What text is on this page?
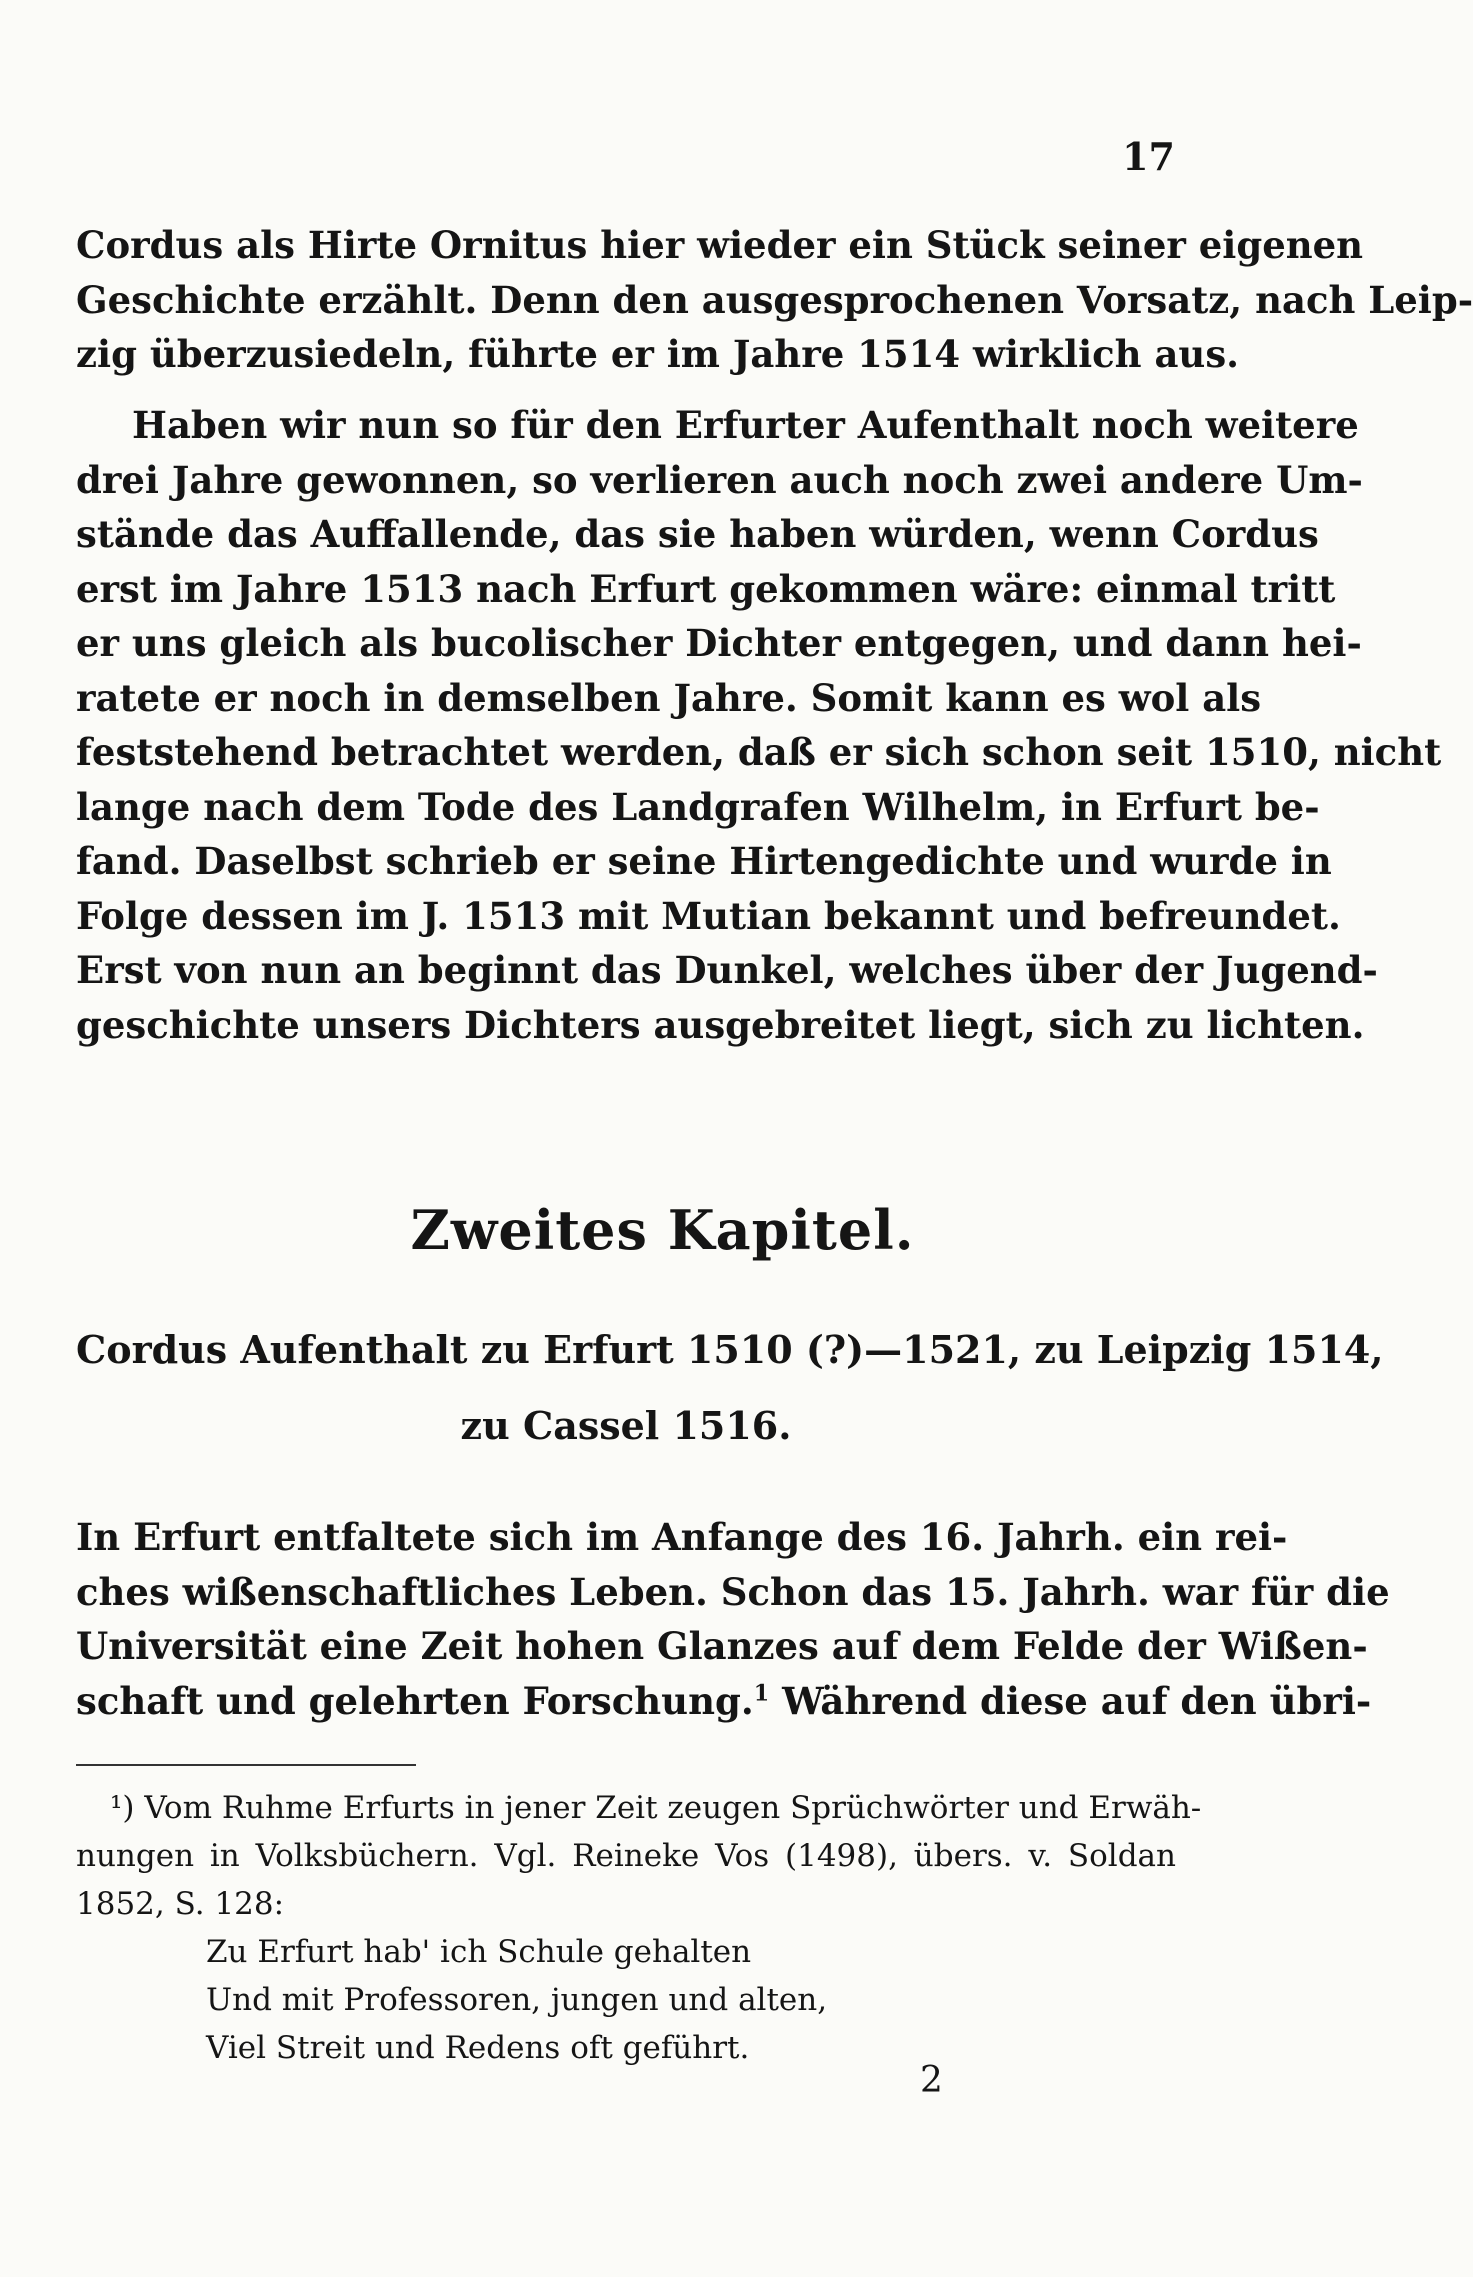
17
Cordus als Hirte Ornitus hier wieder ein Stück seiner eigenen
Geschichte erzählt. Denn den ausgesprochenen Vorsatz, nach Leip-
zig überzusiedeln, führte er im Jahre 1514 wirklich aus.
Haben wir nun so für den Erfurter Aufenthalt noch weitere
drei Jahre gewonnen, so verlieren auch noch zwei andere Um-
stände das Auffallende, das sie haben würden, wenn Cordus
erst im Jahre 1513 nach Erfurt gekommen wäre: einmal tritt
er uns gleich als bucolischer Dichter entgegen, und dann hei-
ratete er noch in demselben Jahre. Somit kann es wol als
feststehend betrachtet werden, daß er sich schon seit 1510, nicht
lange nach dem Tode des Landgrafen Wilhelm, in Erfurt be-
fand. Daselbst schrieb er seine Hirtengedichte und wurde in
Folge dessen im J. 1513 mit Mutian bekannt und befreundet.
Erst von nun an beginnt das Dunkel, welches über der Jugend-
geschichte unsers Dichters ausgebreitet liegt, sich zu lichten.
Zweites Kapitel.
Cordus Aufenthalt zu Erfurt 1510 (?)—1521, zu Leipzig 1514,
zu Cassel 1516.
In Erfurt entfaltete sich im Anfange des 16. Jahrh. ein rei-
ches wißenschaftliches Leben. Schon das 15. Jahrh. war für die
Universität eine Zeit hohen Glanzes auf dem Felde der Wißen-
schaft und gelehrten Forschung.$^1$ Während diese auf den übri-
¹) Vom Ruhme Erfurts in jener Zeit zeugen Sprüchwörter und Erwäh-
nungen in Volksbüchern. Vgl. Reineke Vos (1498), übers. v. Soldan
1852, S. 128:
Zu Erfurt hab' ich Schule gehalten
Und mit Professoren, jungen und alten,
Viel Streit und Redens oft geführt.
2
